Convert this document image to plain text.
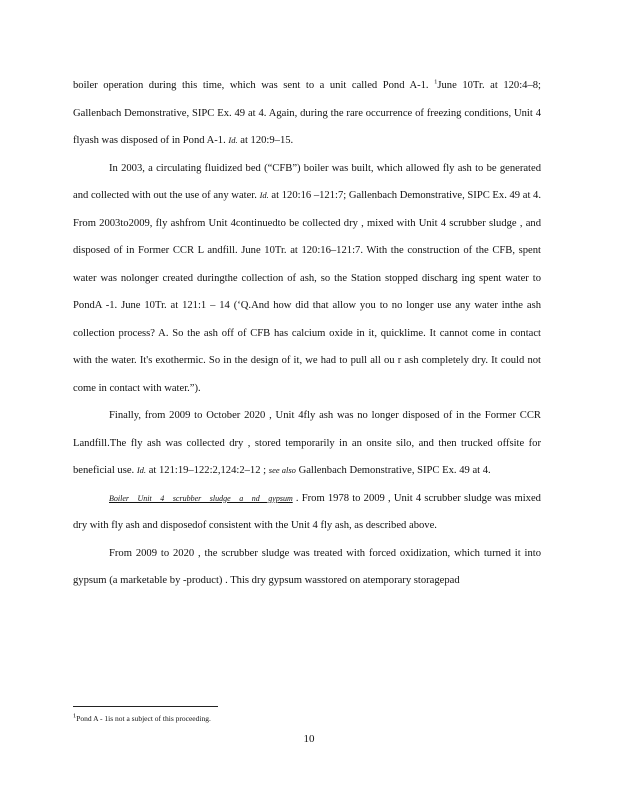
boiler operation during this time, which was sent to a unit called Pond A-1. $^1$June 10Tr. at 120:4–8; Gallenbach Demonstrative, SIPC Ex. 49 at 4. Again, during the rare occurrence of freezing conditions, Unit 4 flyash was disposed of in Pond A-1. Id. at 120:9–15.

In 2003, a circulating fluidized bed (“CFB”) boiler was built, which allowed fly ash to be generated and collected with out the use of any water. Id. at 120:16 –121:7; Gallenbach Demonstrative, SIPC Ex. 49 at 4. From 2003to2009, fly ashfrom Unit 4continuedto be collected dry , mixed with Unit 4 scrubber sludge , and disposed of in Former CCR L andfill. June 10Tr. at 120:16–121:7. With the construction of the CFB, spent water was nolonger created duringthe collection of ash, so the Station stopped discharg ing spent water to PondA -1. June 10Tr. at 121:1 – 14 (‘Q.And how did that allow you to no longer use any water inthe ash collection process? A. So the ash off of CFB has calcium oxide in it, quicklime. It cannot come in contact with the water. It's exothermic. So in the design of it, we had to pull all ou r ash completely dry. It could not come in contact with water.”).

Finally, from 2009 to October 2020 , Unit 4fly ash was no longer disposed of in the Former CCR Landfill.The fly ash was collected dry , stored temporarily in an onsite silo, and then trucked offsite for beneficial use. Id. at 121:19–122:2,124:2–12 ; see also Gallenbach Demonstrative, SIPC Ex. 49 at 4.

Boiler Unit 4 scrubber sludge a nd gypsum . From 1978 to 2009 , Unit 4 scrubber sludge was mixed dry with fly ash and disposedof consistent with the Unit 4 fly ash, as described above.

From 2009 to 2020 , the scrubber sludge was treated with forced oxidization, which turned it into gypsum (a marketable by -product) . This dry gypsum wasstored on atemporary storagepad

1Pond A - 1is not a subject of this proceeding.
10
